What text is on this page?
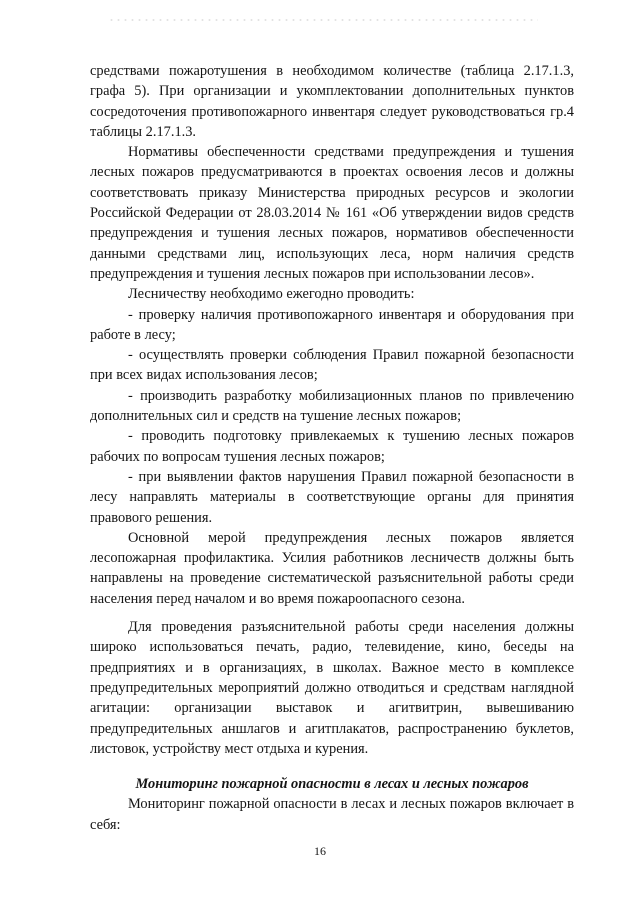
средствами пожаротушения в необходимом количестве (таблица 2.17.1.3, графа 5). При организации и укомплектовании дополнительных пунктов сосредоточения противопожарного инвентаря следует руководствоваться гр.4 таблицы 2.17.1.3.

Нормативы обеспеченности средствами предупреждения и тушения лесных пожаров предусматриваются в проектах освоения лесов и должны соответствовать приказу Министерства природных ресурсов и экологии Российской Федерации от 28.03.2014 № 161 «Об утверждении видов средств предупреждения и тушения лесных пожаров, нормативов обеспеченности данными средствами лиц, использующих леса, норм наличия средств предупреждения и тушения лесных пожаров при использовании лесов».

Лесничеству необходимо ежегодно проводить:

- проверку наличия противопожарного инвентаря и оборудования при работе в лесу;

- осуществлять проверки соблюдения Правил пожарной безопасности при всех видах использования лесов;

- производить разработку мобилизационных планов по привлечению дополнительных сил и средств на тушение лесных пожаров;

- проводить подготовку привлекаемых к тушению лесных пожаров рабочих по вопросам тушения лесных пожаров;

- при выявлении фактов нарушения Правил пожарной безопасности в лесу направлять материалы в соответствующие органы для принятия правового решения.

Основной мерой предупреждения лесных пожаров является лесопожарная профилактика. Усилия работников лесничеств должны быть направлены на проведение систематической разъяснительной работы среди населения перед началом и во время пожароопасного сезона.

Для проведения разъяснительной работы среди населения должны широко использоваться печать, радио, телевидение, кино, беседы на предприятиях и в организациях, в школах. Важное место в комплексе предупредительных мероприятий должно отводиться и средствам наглядной агитации: организации выставок и агитвитрин, вывешиванию предупредительных аншлагов и агитплакатов, распространению буклетов, листовок, устройству мест отдыха и курения.

Мониторинг пожарной опасности в лесах и лесных пожаров

Мониторинг пожарной опасности в лесах и лесных пожаров включает в себя:

16
